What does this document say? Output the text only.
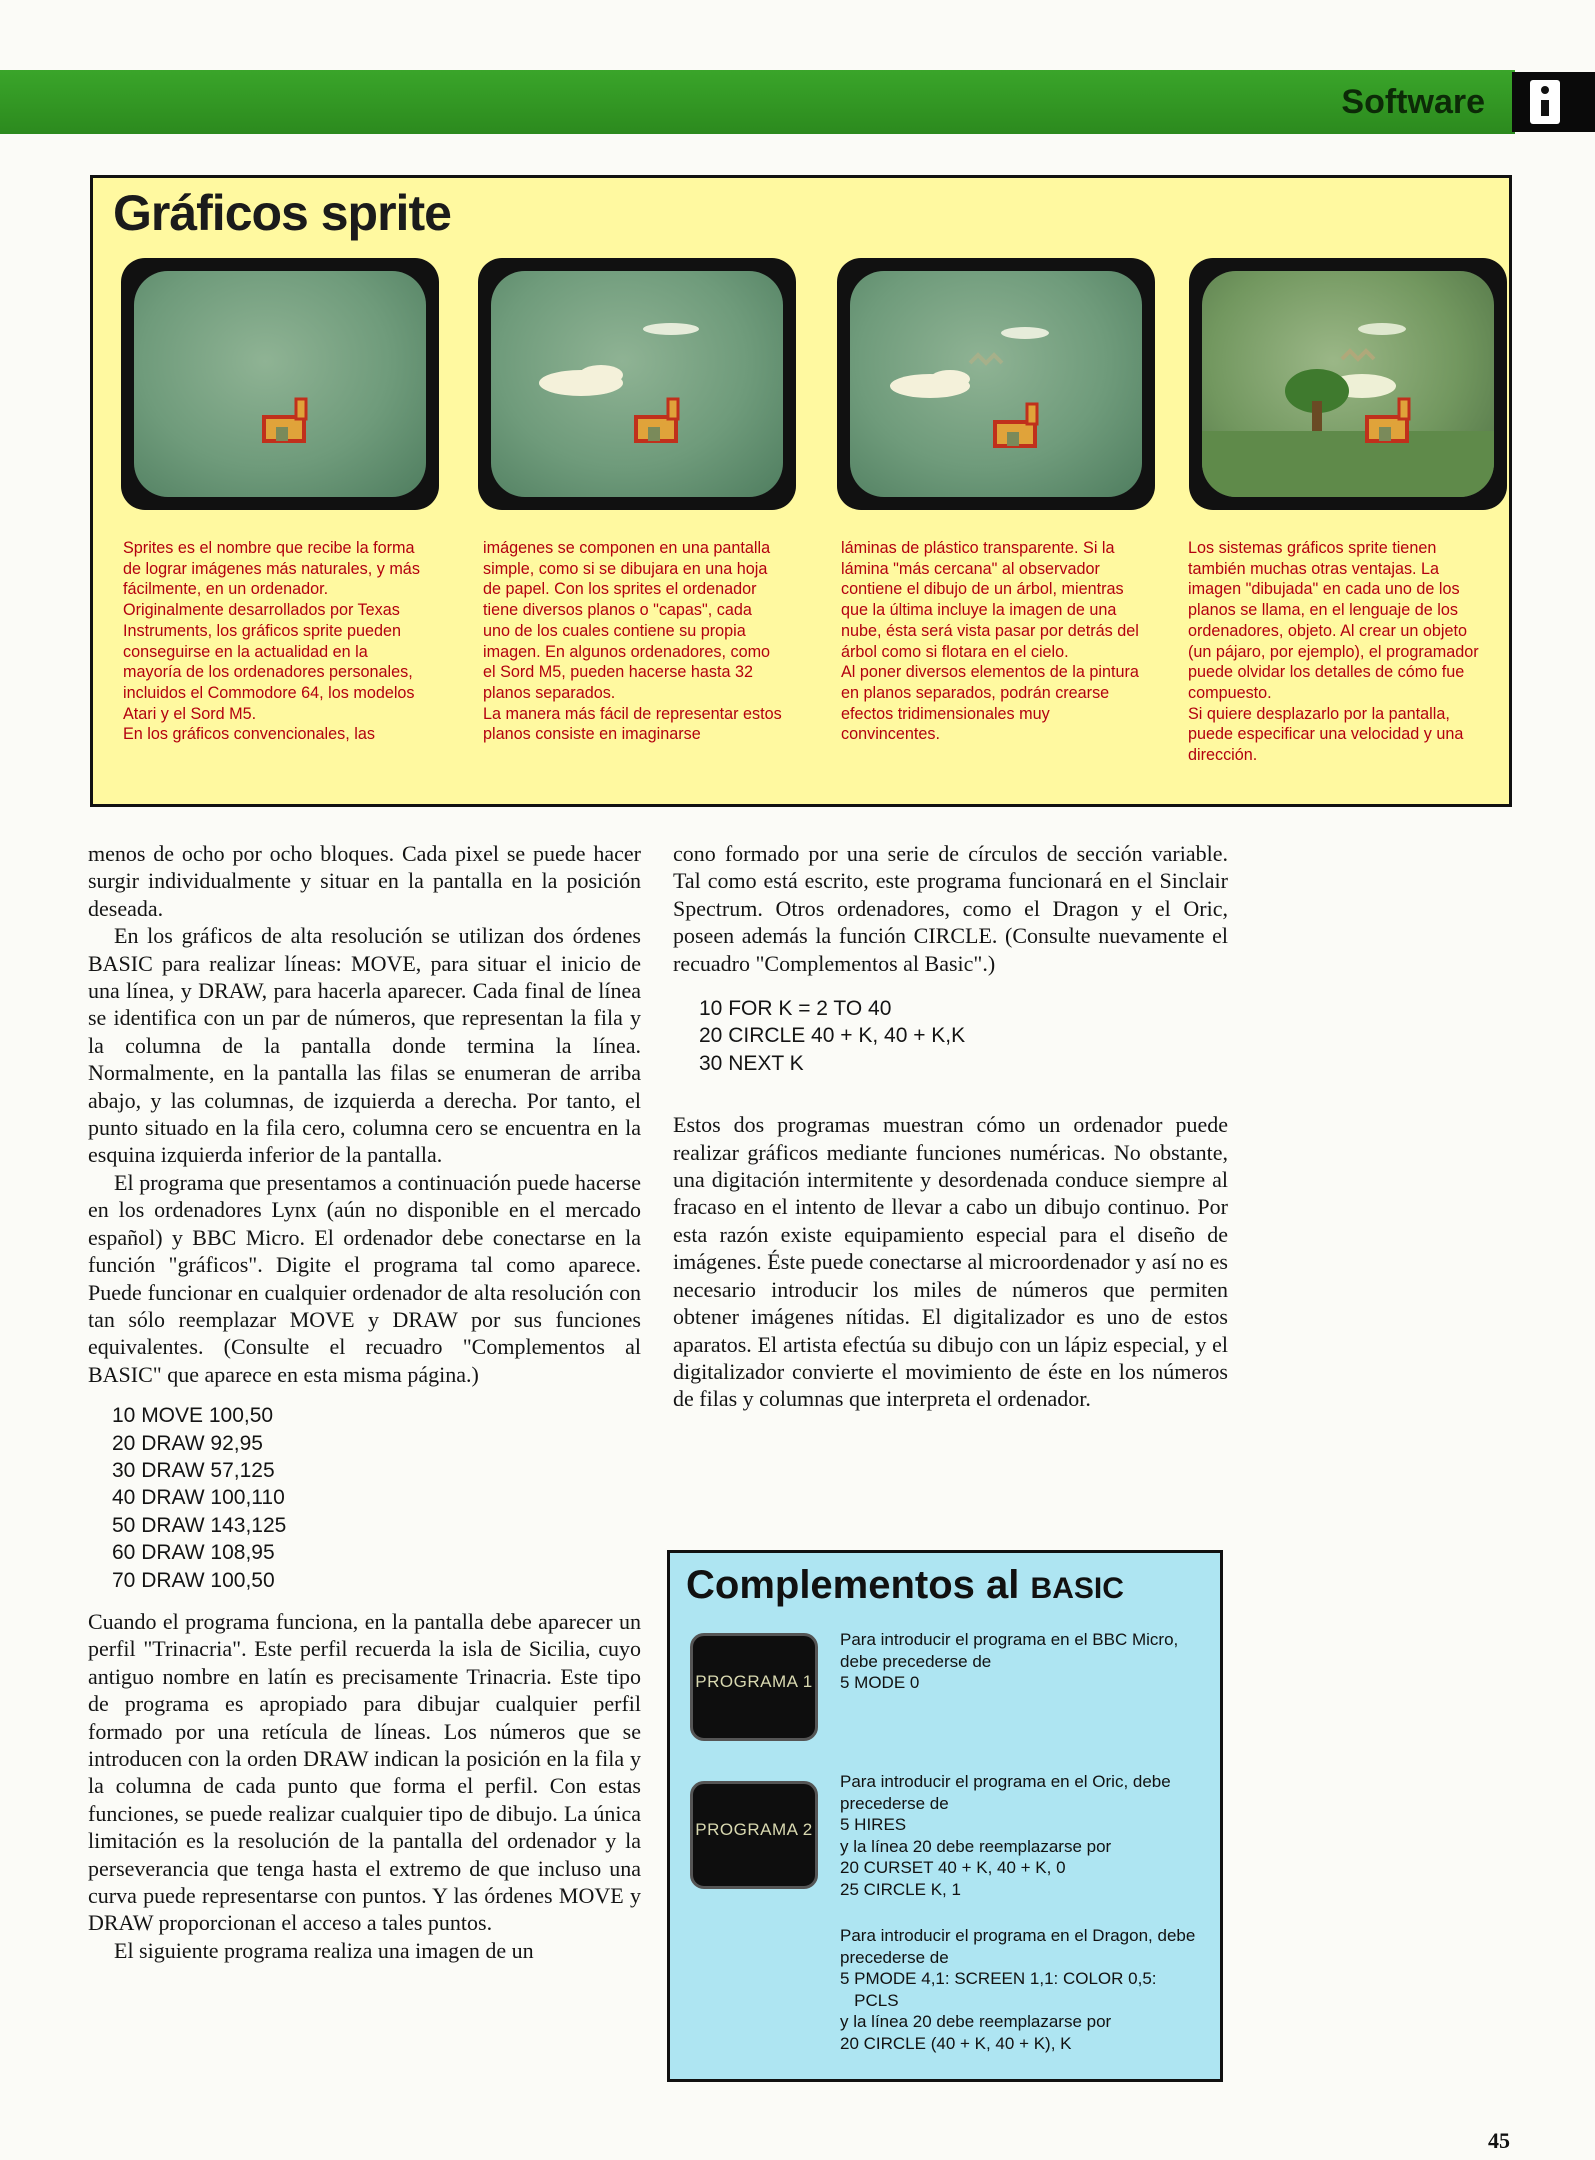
Software
Gráficos sprite

Sprites es el nombre que recibe la forma de lograr imágenes más naturales, y más fácilmente, en un ordenador. Originalmente desarrollados por Texas Instruments, los gráficos sprite pueden conseguirse en la actualidad en la mayoría de los ordenadores personales, incluidos el Commodore 64, los modelos Atari y el Sord M5.

En los gráficos convencionales, las

imágenes se componen en una pantalla simple, como si se dibujara en una hoja de papel. Con los sprites el ordenador tiene diversos planos o "capas", cada uno de los cuales contiene su propia imagen. En algunos ordenadores, como el Sord M5, pueden hacerse hasta 32 planos separados.

La manera más fácil de representar estos planos consiste en imaginarse

láminas de plástico transparente. Si la lámina "más cercana" al observador contiene el dibujo de un árbol, mientras que la última incluye la imagen de una nube, ésta será vista pasar por detrás del árbol como si flotara en el cielo.

Al poner diversos elementos de la pintura en planos separados, podrán crearse efectos tridimensionales muy convincentes.

Los sistemas gráficos sprite tienen también muchas otras ventajas. La imagen "dibujada" en cada uno de los planos se llama, en el lenguaje de los ordenadores, objeto. Al crear un objeto (un pájaro, por ejemplo), el programador puede olvidar los detalles de cómo fue compuesto.

Si quiere desplazarlo por la pantalla, puede especificar una velocidad y una dirección.

menos de ocho por ocho bloques. Cada pixel se puede hacer surgir individualmente y situar en la pantalla en la posición deseada.

En los gráficos de alta resolución se utilizan dos órdenes BASIC para realizar líneas: MOVE, para situar el inicio de una línea, y DRAW, para hacerla aparecer. Cada final de línea se identifica con un par de números, que representan la fila y la columna de la pantalla donde termina la línea. Normalmente, en la pantalla las filas se enumeran de arriba abajo, y las columnas, de izquierda a derecha. Por tanto, el punto situado en la fila cero, columna cero se encuentra en la esquina izquierda inferior de la pantalla.

El programa que presentamos a continuación puede hacerse en los ordenadores Lynx (aún no disponible en el mercado español) y BBC Micro. El ordenador debe conectarse en la función "gráficos". Digite el programa tal como aparece. Puede funcionar en cualquier ordenador de alta resolución con tan sólo reemplazar MOVE y DRAW por sus funciones equivalentes. (Consulte el recuadro "Complementos al BASIC" que aparece en esta misma página.)

10 MOVE 100,50
20 DRAW 92,95
30 DRAW 57,125
40 DRAW 100,110
50 DRAW 143,125
60 DRAW 108,95
70 DRAW 100,50

Cuando el programa funciona, en la pantalla debe aparecer un perfil "Trinacria". Este perfil recuerda la isla de Sicilia, cuyo antiguo nombre en latín es precisamente Trinacria. Este tipo de programa es apropiado para dibujar cualquier perfil formado por una retícula de líneas. Los números que se introducen con la orden DRAW indican la posición en la fila y la columna de cada punto que forma el perfil. Con estas funciones, se puede realizar cualquier tipo de dibujo. La única limitación es la resolución de la pantalla del ordenador y la perseverancia que tenga hasta el extremo de que incluso una curva puede representarse con puntos. Y las órdenes MOVE y DRAW proporcionan el acceso a tales puntos.

El siguiente programa realiza una imagen de un

cono formado por una serie de círculos de sección variable. Tal como está escrito, este programa funcionará en el Sinclair Spectrum. Otros ordenadores, como el Dragon y el Oric, poseen además la función CIRCLE. (Consulte nuevamente el recuadro "Complementos al Basic".)

10 FOR K = 2 TO 40
20 CIRCLE 40 + K, 40 + K,K
30 NEXT K

Estos dos programas muestran cómo un ordenador puede realizar gráficos mediante funciones numéricas. No obstante, una digitación intermitente y desordenada conduce siempre al fracaso en el intento de llevar a cabo un dibujo continuo. Por esta razón existe equipamiento especial para el diseño de imágenes. Éste puede conectarse al microordenador y así no es necesario introducir los miles de números que permiten obtener imágenes nítidas. El digitalizador es uno de estos aparatos. El artista efectúa su dibujo con un lápiz especial, y el digitalizador convierte el movimiento de éste en los números de filas y columnas que interpreta el ordenador.

Complementos al BASIC
PROGRAMA 1
PROGRAMA 2
Para introducir el programa en el BBC Micro,
debe precederse de
5 MODE 0
Para introducir el programa en el Oric, debe
precederse de
5 HIRES
y la línea 20 debe reemplazarse por
20 CURSET 40 + K, 40 + K, 0
25 CIRCLE K, 1
Para introducir el programa en el Dragon, debe
precederse de
5 PMODE 4,1: SCREEN 1,1: COLOR 0,5:
PCLS
y la línea 20 debe reemplazarse por
20 CIRCLE (40 + K, 40 + K), K
45
